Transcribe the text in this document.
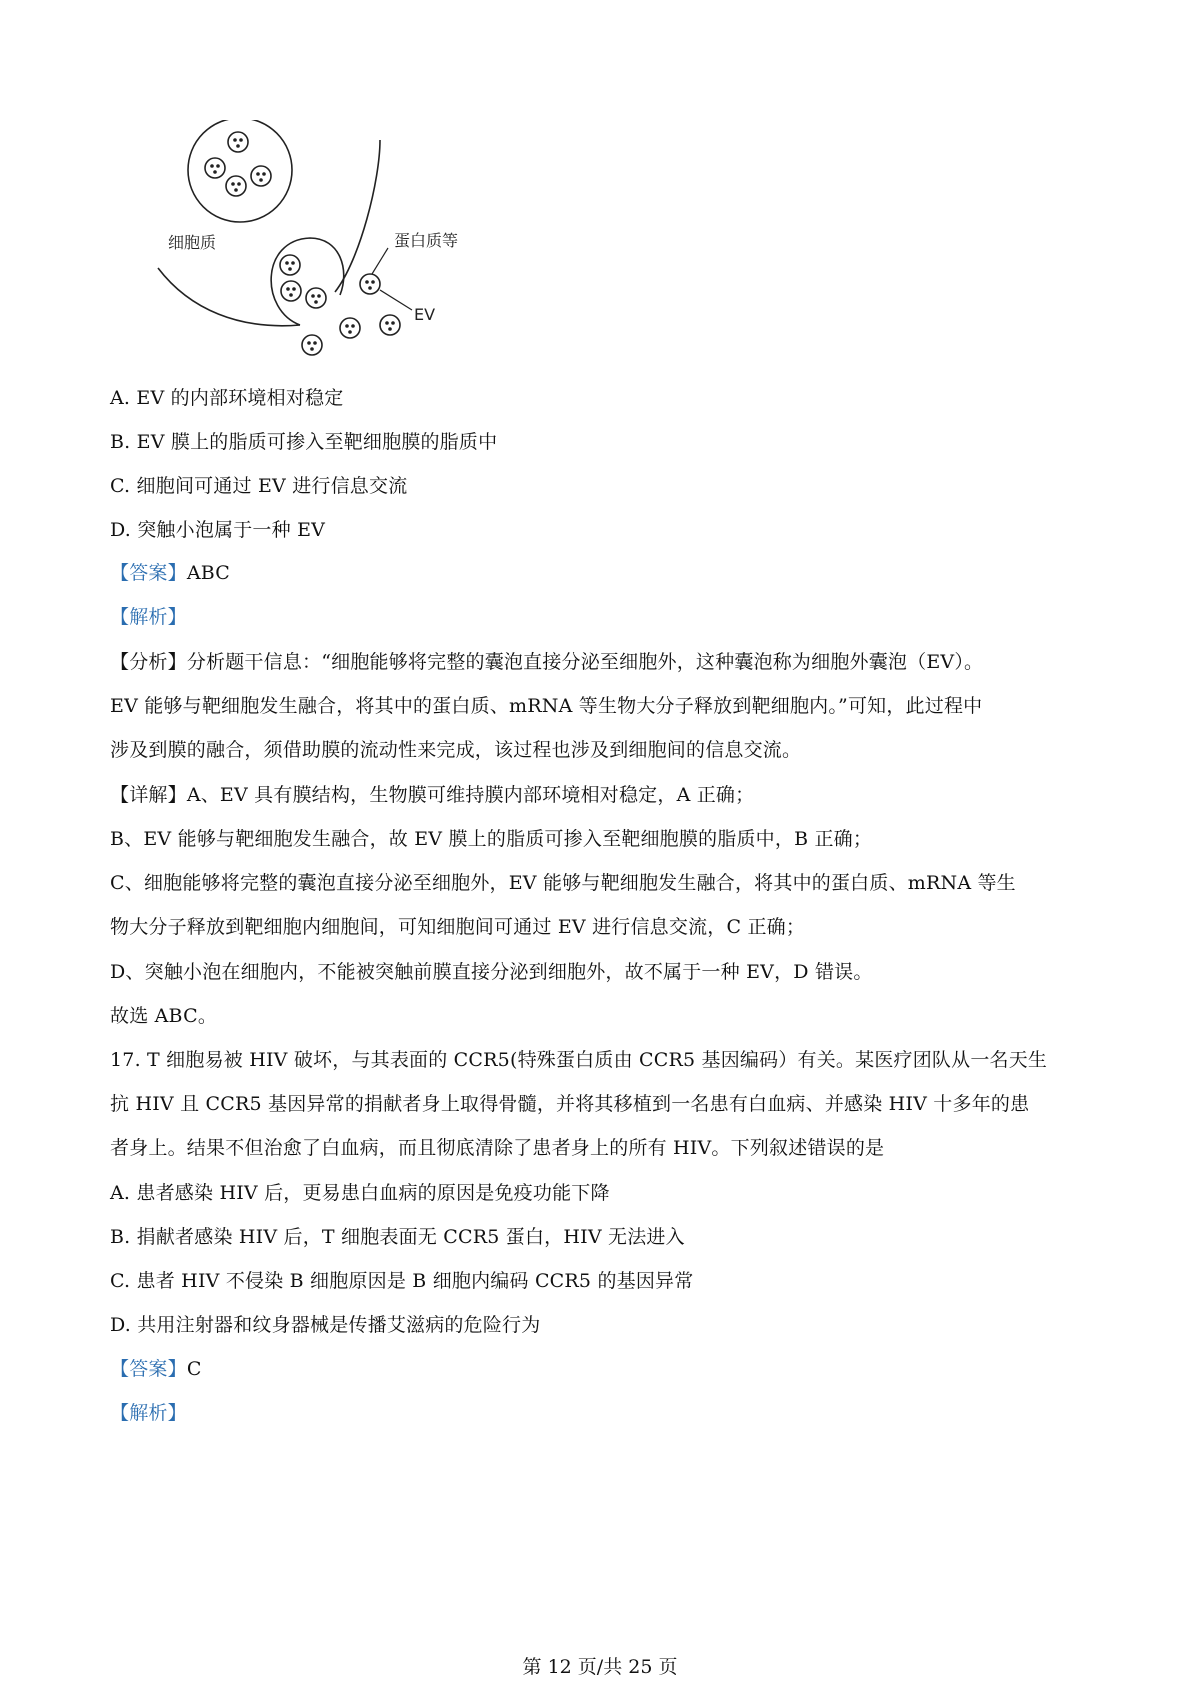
细胞质	蛋白质等
EV
A. EV 的内部环境相对稳定
B. EV 膜上的脂质可掺入至靶细胞膜的脂质中
C. 细胞间可通过 EV 进行信息交流
D. 突触小泡属于一种 EV
【答案】ABC
【解析】
【分析】分析题干信息：“细胞能够将完整的囊泡直接分泌至细胞外，这种囊泡称为细胞外囊泡（EV）。
EV 能够与靶细胞发生融合，将其中的蛋白质、mRNA 等生物大分子释放到靶细胞内。”可知，此过程中
涉及到膜的融合，须借助膜的流动性来完成，该过程也涉及到细胞间的信息交流。
【详解】A、EV 具有膜结构，生物膜可维持膜内部环境相对稳定，A 正确；
B、EV 能够与靶细胞发生融合，故 EV 膜上的脂质可掺入至靶细胞膜的脂质中，B 正确；
C、细胞能够将完整的囊泡直接分泌至细胞外，EV 能够与靶细胞发生融合，将其中的蛋白质、mRNA 等生
物大分子释放到靶细胞内细胞间，可知细胞间可通过 EV 进行信息交流，C 正确；
D、突触小泡在细胞内，不能被突触前膜直接分泌到细胞外，故不属于一种 EV，D 错误。
故选 ABC。
17. T 细胞易被 HIV 破坏，与其表面的 CCR5(特殊蛋白质由 CCR5 基因编码）有关。某医疗团队从一名天生
抗 HIV 且 CCR5 基因异常的捐献者身上取得骨髓，并将其移植到一名患有白血病、并感染 HIV 十多年的患
者身上。结果不但治愈了白血病，而且彻底清除了患者身上的所有 HIV。下列叙述错误的是
A. 患者感染 HIV 后，更易患白血病的原因是免疫功能下降
B. 捐献者感染 HIV 后，T 细胞表面无 CCR5 蛋白，HIV 无法进入
C. 患者 HIV 不侵染 B 细胞原因是 B 细胞内编码 CCR5 的基因异常
D. 共用注射器和纹身器械是传播艾滋病的危险行为
【答案】C
【解析】
第 12 页/共 25 页
